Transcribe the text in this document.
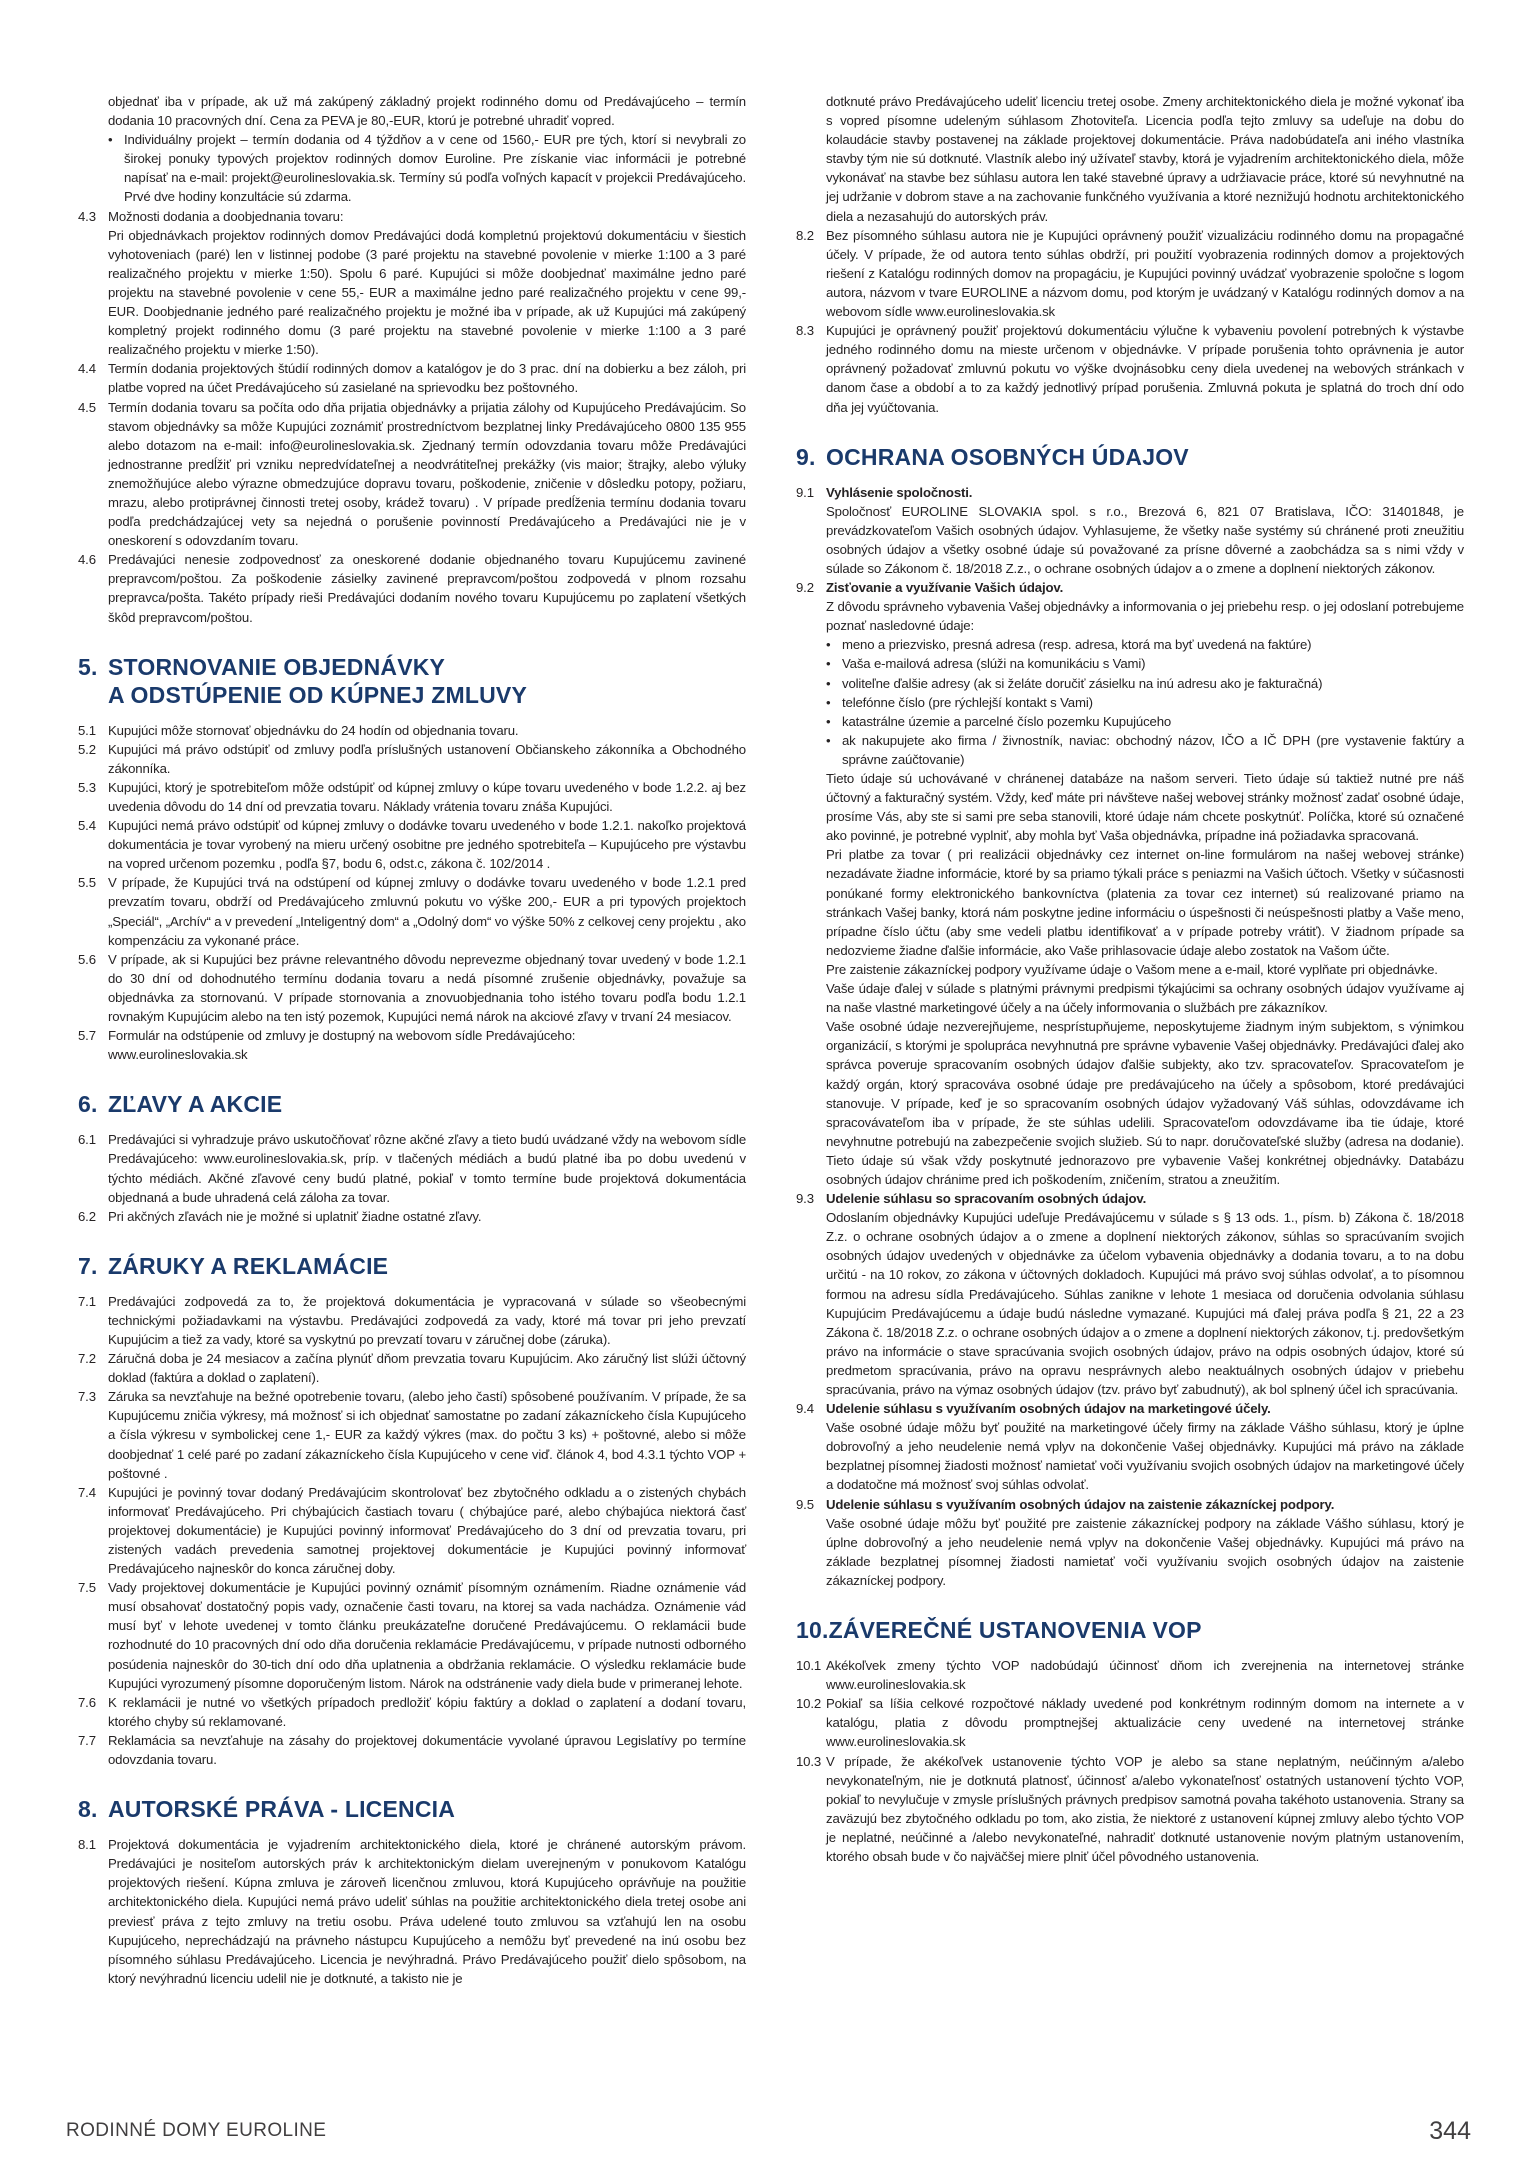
objednať iba v prípade, ak už má zakúpený základný projekt rodinného domu od Predávajúceho – termín dodania 10 pracovných dní. Cena za PEVA je 80,-EUR, ktorú je potrebné uhradiť vopred.
• Individuálny projekt – termín dodania od 4 týždňov a v cene od 1560,- EUR pre tých, ktorí si nevybrali zo širokej ponuky typových projektov rodinných domov Euroline. Pre získanie viac informácii je potrebné napísať na e-mail: projekt@eurolineslovakia.sk. Termíny sú podľa voľných kapacít v projekcii Predávajúceho. Prvé dve hodiny konzultácie sú zdarma.
4.3 Možnosti dodania a doobjednania tovaru:
Pri objednávkach projektov rodinných domov Predávajúci dodá kompletnú projektovú dokumentáciu v šiestich vyhotoveniach (paré) len v listinnej podobe (3 paré projektu na stavebné povolenie v mierke 1:100 a 3 paré realizačného projektu v mierke 1:50). Spolu 6 paré. Kupujúci si môže doobjednať maximálne jedno paré projektu na stavebné povolenie v cene 55,- EUR a maximálne jedno paré realizačného projektu v cene 99,- EUR. Doobjednanie jedného paré realizačného projektu je možné iba v prípade, ak už Kupujúci má zakúpený kompletný projekt rodinného domu (3 paré projektu na stavebné povolenie v mierke 1:100 a 3 paré realizačného projektu v mierke 1:50).
4.4 Termín dodania projektových štúdií rodinných domov a katalógov je do 3 prac. dní na dobierku a bez záloh, pri platbe vopred na účet Predávajúceho sú zasielané na sprievodku bez poštovného.
4.5 Termín dodania tovaru sa počíta odo dňa prijatia objednávky a prijatia zálohy od Kupujúceho Predávajúcim. So stavom objednávky sa môže Kupujúci zoznámiť prostredníctvom bezplatnej linky Predávajúceho 0800 135 955 alebo dotazom na e-mail: info@eurolineslovakia.sk. Zjednaný termín odovzdania tovaru môže Predávajúci jednostranne predĺžiť pri vzniku nepredvídateľnej a neodvrátiteľnej prekážky (vis maior; štrajky, alebo výluky znemožňujúce alebo výrazne obmedzujúce dopravu tovaru, poškodenie, zničenie v dôsledku potopy, požiaru, mrazu, alebo protiprávnej činnosti tretej osoby, krádež tovaru) . V prípade predĺženia termínu dodania tovaru podľa predchádzajúcej vety sa nejedná o porušenie povinností Predávajúceho a Predávajúci nie je v oneskorení s odovzdaním tovaru.
4.6 Predávajúci nenesie zodpovednosť za oneskorené dodanie objednaného tovaru Kupujúcemu zavinené prepravcom/poštou. Za poškodenie zásielky zavinené prepravcom/poštou zodpovedá v plnom rozsahu prepravca/pošta. Takéto prípady rieši Predávajúci dodaním nového tovaru Kupujúcemu po zaplatení všetkých škôd prepravcom/poštou.
5. STORNOVANIE OBJEDNÁVKY
A ODSTÚPENIE OD KÚPNEJ ZMLUVY
5.1 Kupujúci môže stornovať objednávku do 24 hodín od objednania tovaru.
5.2 Kupujúci má právo odstúpiť od zmluvy podľa príslušných ustanovení Občianskeho zákonníka a Obchodného zákonníka.
5.3 Kupujúci, ktorý je spotrebiteľom môže odstúpiť od kúpnej zmluvy o kúpe tovaru uvedeného v bode 1.2.2. aj bez uvedenia dôvodu do 14 dní od prevzatia tovaru. Náklady vrátenia tovaru znáša Kupujúci.
5.4 Kupujúci nemá právo odstúpiť od kúpnej zmluvy o dodávke tovaru uvedeného v bode 1.2.1. nakoľko projektová dokumentácia je tovar vyrobený na mieru určený osobitne pre jedného spotrebiteľa – Kupujúceho pre výstavbu na vopred určenom pozemku , podľa §7, bodu 6, odst.c, zákona č. 102/2014 .
5.5 V prípade, že Kupujúci trvá na odstúpení od kúpnej zmluvy o dodávke tovaru uvedeného v bode 1.2.1 pred prevzatím tovaru, obdrží od Predávajúceho zmluvnú pokutu vo výške 200,- EUR a pri typových projektoch „Speciál“, „Archív“ a v prevedení „Inteligentný dom“ a „Odolný dom“ vo výške 50% z celkovej ceny projektu , ako kompenzáciu za vykonané práce.
5.6 V prípade, ak si Kupujúci bez právne relevantného dôvodu neprevezme objednaný tovar uvedený v bode 1.2.1 do 30 dní od dohodnutého termínu dodania tovaru a nedá písomné zrušenie objednávky, považuje sa objednávka za stornovanú. V prípade stornovania a znovuobjednania toho istého tovaru podľa bodu 1.2.1 rovnakým Kupujúcim alebo na ten istý pozemok, Kupujúci nemá nárok na akciové zľavy v trvaní 24 mesiacov.
5.7 Formulár na odstúpenie od zmluvy je dostupný na webovom sídle Predávajúceho:
www.eurolineslovakia.sk
6. ZĽAVY A AKCIE
6.1 Predávajúci si vyhradzuje právo uskutočňovať rôzne akčné zľavy a tieto budú uvádzané vždy na webovom sídle Predávajúceho: www.eurolineslovakia.sk, príp. v tlačených médiách a budú platné iba po dobu uvedenú v týchto médiách. Akčné zľavové ceny budú platné, pokiaľ v tomto termíne bude projektová dokumentácia objednaná a bude uhradená celá záloha za tovar.
6.2 Pri akčných zľavách nie je možné si uplatniť žiadne ostatné zľavy.
7. ZÁRUKY A REKLAMÁCIE
7.1 Predávajúci zodpovedá za to, že projektová dokumentácia je vypracovaná v súlade so všeobecnými technickými požiadavkami na výstavbu. Predávajúci zodpovedá za vady, ktoré má tovar pri jeho prevzatí Kupujúcim a tiež za vady, ktoré sa vyskytnú po prevzatí tovaru v záručnej dobe (záruka).
7.2 Záručná doba je 24 mesiacov a začína plynúť dňom prevzatia tovaru Kupujúcim. Ako záručný list slúži účtovný doklad (faktúra a doklad o zaplatení).
7.3 Záruka sa nevzťahuje na bežné opotrebenie tovaru, (alebo jeho častí) spôsobené používaním. V prípade, že sa Kupujúcemu zničia výkresy, má možnosť si ich objednať samostatne po zadaní zákazníckeho čísla Kupujúceho a čísla výkresu v symbolickej cene 1,- EUR za každý výkres (max. do počtu 3 ks) + poštovné, alebo si môže doobjednať 1 celé paré po zadaní zákazníckeho čísla Kupujúceho v cene viď. článok 4, bod 4.3.1 týchto VOP + poštovné .
7.4 Kupujúci je povinný tovar dodaný Predávajúcim skontrolovať bez zbytočného odkladu a o zistených chybách informovať Predávajúceho. Pri chýbajúcich častiach tovaru ( chýbajúce paré, alebo chýbajúca niektorá časť projektovej dokumentácie) je Kupujúci povinný informovať Predávajúceho do 3 dní od prevzatia tovaru, pri zistených vadách prevedenia samotnej projektovej dokumentácie je Kupujúci povinný informovať Predávajúceho najneskôr do konca záručnej doby.
7.5 Vady projektovej dokumentácie je Kupujúci povinný oznámiť písomným oznámením. Riadne oznámenie vád musí obsahovať dostatočný popis vady, označenie časti tovaru, na ktorej sa vada nachádza. Oznámenie vád musí byť v lehote uvedenej v tomto článku preukázateľne doručené Predávajúcemu. O reklamácii bude rozhodnuté do 10 pracovných dní odo dňa doručenia reklamácie Predávajúcemu, v prípade nutnosti odborného posúdenia najneskôr do 30-tich dní odo dňa uplatnenia a obdržania reklamácie. O výsledku reklamácie bude Kupujúci vyrozumený písomne doporučeným listom. Nárok na odstránenie vady diela bude v primeranej lehote.
7.6 K reklamácii je nutné vo všetkých prípadoch predložiť kópiu faktúry a doklad o zaplatení a dodaní tovaru, ktorého chyby sú reklamované.
7.7 Reklamácia sa nevzťahuje na zásahy do projektovej dokumentácie vyvolané úpravou Legislatívy po termíne odovzdania tovaru.
8. AUTORSKÉ PRÁVA - LICENCIA
8.1 Projektová dokumentácia je vyjadrením architektonického diela, ktoré je chránené autorským právom. Predávajúci je nositeľom autorských práv k architektonickým dielam uverejneným v ponukovom Katalógu projektových riešení. Kúpna zmluva je zároveň licenčnou zmluvou, ktorá Kupujúceho oprávňuje na použitie architektonického diela. Kupujúci nemá právo udeliť súhlas na použitie architektonického diela tretej osobe ani previesť práva z tejto zmluvy na tretiu osobu. Práva udelené touto zmluvou sa vzťahujú len na osobu Kupujúceho, neprechádzajú na právneho nástupcu Kupujúceho a nemôžu byť prevedené na inú osobu bez písomného súhlasu Predávajúceho. Licencia je nevýhradná. Právo Predávajúceho použiť dielo spôsobom, na ktorý nevýhradnú licenciu udelil nie je dotknuté, a takisto nie je
dotknuté právo Predávajúceho udeliť licenciu tretej osobe. Zmeny architektonického diela je možné vykonať iba s vopred písomne udeleným súhlasom Zhotoviteľa. Licencia podľa tejto zmluvy sa udeľuje na dobu do kolaudácie stavby postavenej na základe projektovej dokumentácie. Práva nadobúdateľa ani iného vlastníka stavby tým nie sú dotknuté. Vlastník alebo iný užívateľ stavby, ktorá je vyjadrením architektonického diela, môže vykonávať na stavbe bez súhlasu autora len také stavebné úpravy a udržiavacie práce, ktoré sú nevyhnutné na jej udržanie v dobrom stave a na zachovanie funkčného využívania a ktoré neznižujú hodnotu architektonického diela a nezasahujú do autorských práv.
8.2 Bez písomného súhlasu autora nie je Kupujúci oprávnený použiť vizualizáciu rodinného domu na propagačné účely. V prípade, že od autora tento súhlas obdrží, pri použití vyobrazenia rodinných domov a projektových riešení z Katalógu rodinných domov na propagáciu, je Kupujúci povinný uvádzať vyobrazenie spoločne s logom autora, názvom v tvare EUROLINE a názvom domu, pod ktorým je uvádzaný v Katalógu rodinných domov a na webovom sídle www.eurolineslovakia.sk
8.3 Kupujúci je oprávnený použiť projektovú dokumentáciu výlučne k vybaveniu povolení potrebných k výstavbe jedného rodinného domu na mieste určenom v objednávke. V prípade porušenia tohto oprávnenia je autor oprávnený požadovať zmluvnú pokutu vo výške dvojnásobku ceny diela uvedenej na webových stránkach v danom čase a období a to za každý jednotlivý prípad porušenia. Zmluvná pokuta je splatná do troch dní odo dňa jej vyúčtovania.
9. OCHRANA OSOBNÝCH ÚDAJOV
9.1 Vyhlásenie spoločnosti.
Spoločnosť EUROLINE SLOVAKIA spol. s r.o., Brezová 6, 821 07 Bratislava, IČO: 31401848, je prevádzkovateľom Vašich osobných údajov. Vyhlasujeme, že všetky naše systémy sú chránené proti zneužitiu osobných údajov a všetky osobné údaje sú považované za prísne dôverné a zaobchádza sa s nimi vždy v súlade so Zákonom č. 18/2018 Z.z., o ochrane osobných údajov a o zmene a doplnení niektorých zákonov.
9.2 Zisťovanie a využívanie Vašich údajov.
Z dôvodu správneho vybavenia Vašej objednávky a informovania o jej priebehu resp. o jej odoslaní potrebujeme poznať nasledovné údaje:
• meno a priezvisko, presná adresa (resp. adresa, ktorá ma byť uvedená na faktúre)
• Vaša e-mailová adresa (slúži na komunikáciu s Vami)
• voliteľne ďalšie adresy (ak si želáte doručiť zásielku na inú adresu ako je fakturačná)
• telefónne číslo (pre rýchlejší kontakt s Vami)
• katastrálne územie a parcelné číslo pozemku Kupujúceho
• ak nakupujete ako firma / živnostník, naviac: obchodný názov, IČO a IČ DPH (pre vystavenie faktúry a správne zaúčtovanie)
Tieto údaje sú uchovávané v chránenej databáze na našom serveri. Tieto údaje sú taktiež nutné pre náš účtovný a fakturačný systém. Vždy, keď máte pri návšteve našej webovej stránky možnosť zadať osobné údaje, prosíme Vás, aby ste si sami pre seba stanovili, ktoré údaje nám chcete poskytnúť. Políčka, ktoré sú označené ako povinné, je potrebné vyplniť, aby mohla byť Vaša objednávka, prípadne iná požiadavka spracovaná.
Pri platbe za tovar ( pri realizácii objednávky cez internet on-line formulárom na našej webovej stránke) nezadávate žiadne informácie, ktoré by sa priamo týkali práce s peniazmi na Vašich účtoch. Všetky v súčasnosti ponúkané formy elektronického bankovníctva (platenia za tovar cez internet) sú realizované priamo na stránkach Vašej banky, ktorá nám poskytne jedine informáciu o úspešnosti či neúspešnosti platby a Vaše meno, prípadne číslo účtu (aby sme vedeli platbu identifikovať a v prípade potreby vrátiť). V žiadnom prípade sa nedozvieme žiadne ďalšie informácie, ako Vaše prihlasovacie údaje alebo zostatok na Vašom účte.
Pre zaistenie zákazníckej podpory využívame údaje o Vašom mene a e-mail, ktoré vyplňate pri objednávke.
Vaše údaje ďalej v súlade s platnými právnymi predpismi týkajúcimi sa ochrany osobných údajov využívame aj na naše vlastné marketingové účely a na účely informovania o službách pre zákazníkov.
Vaše osobné údaje nezverejňujeme, nesprístupňujeme, neposkytujeme žiadnym iným subjektom, s výnimkou organizácií, s ktorými je spolupráca nevyhnutná pre správne vybavenie Vašej objednávky. Predávajúci ďalej ako správca poveruje spracovaním osobných údajov ďalšie subjekty, ako tzv. spracovateľov. Spracovateľom je každý orgán, ktorý spracováva osobné údaje pre predávajúceho na účely a spôsobom, ktoré predávajúci stanovuje. V prípade, keď je so spracovaním osobných údajov vyžadovaný Váš súhlas, odovzdávame ich spracovávateľom iba v prípade, že ste súhlas udelili. Spracovateľom odovzdávame iba tie údaje, ktoré nevyhnutne potrebujú na zabezpečenie svojich služieb. Sú to napr. doručovateľské služby (adresa na dodanie). Tieto údaje sú však vždy poskytnuté jednorazovo pre vybavenie Vašej konkrétnej objednávky. Databázu osobných údajov chránime pred ich poškodením, zničením, stratou a zneužitím.
9.3 Udelenie súhlasu so spracovaním osobných údajov.
Odoslaním objednávky Kupujúci udeľuje Predávajúcemu v súlade s § 13 ods. 1., písm. b) Zákona č. 18/2018 Z.z. o ochrane osobných údajov a o zmene a doplnení niektorých zákonov, súhlas so spracúvaním svojich osobných údajov uvedených v objednávke za účelom vybavenia objednávky a dodania tovaru, a to na dobu určitú - na 10 rokov, zo zákona v účtovných dokladoch. Kupujúci má právo svoj súhlas odvolať, a to písomnou formou na adresu sídla Predávajúceho. Súhlas zanikne v lehote 1 mesiaca od doručenia odvolania súhlasu Kupujúcim Predávajúcemu a údaje budú následne vymazané. Kupujúci má ďalej práva podľa § 21, 22 a 23 Zákona č. 18/2018 Z.z. o ochrane osobných údajov a o zmene a doplnení niektorých zákonov, t.j. predovšetkým právo na informácie o stave spracúvania svojich osobných údajov, právo na odpis osobných údajov, ktoré sú predmetom spracúvania, právo na opravu nesprávnych alebo neaktuálnych osobných údajov v priebehu spracúvania, právo na výmaz osobných údajov (tzv. právo byť zabudnutý), ak bol splnený účel ich spracúvania.
9.4 Udelenie súhlasu s využívaním osobných údajov na marketingové účely.
Vaše osobné údaje môžu byť použité na marketingové účely firmy na základe Vášho súhlasu, ktorý je úplne dobrovoľný a jeho neudelenie nemá vplyv na dokončenie Vašej objednávky. Kupujúci má právo na základe bezplatnej písomnej žiadosti možnosť namietať voči využívaniu svojich osobných údajov na marketingové účely a dodatočne má možnosť svoj súhlas odvolať.
9.5 Udelenie súhlasu s využívaním osobných údajov na zaistenie zákazníckej podpory.
Vaše osobné údaje môžu byť použité pre zaistenie zákazníckej podpory na základe Vášho súhlasu, ktorý je úplne dobrovoľný a jeho neudelenie nemá vplyv na dokončenie Vašej objednávky. Kupujúci má právo na základe bezplatnej písomnej žiadosti namietať voči využívaniu svojich osobných údajov na zaistenie zákazníckej podpory.
10. ZÁVEREČNÉ USTANOVENIA VOP
10.1 Akékoľvek zmeny týchto VOP nadobúdajú účinnosť dňom ich zverejnenia na internetovej stránke www.eurolineslovakia.sk
10.2 Pokiaľ sa líšia celkové rozpočtové náklady uvedené pod konkrétnym rodinným domom na internete a v katalógu, platia z dôvodu promptnejšej aktualizácie ceny uvedené na internetovej stránke www.eurolineslovakia.sk
10.3 V prípade, že akékoľvek ustanovenie týchto VOP je alebo sa stane neplatným, neúčinným a/alebo nevykonateľným, nie je dotknutá platnosť, účinnosť a/alebo vykonateľnosť ostatných ustanovení týchto VOP, pokiaľ to nevylučuje v zmysle príslušných právnych predpisov samotná povaha takéhoto ustanovenia. Strany sa zaväzujú bez zbytočného odkladu po tom, ako zistia, že niektoré z ustanovení kúpnej zmluvy alebo týchto VOP je neplatné, neúčinné a /alebo nevykonateľné, nahradiť dotknuté ustanovenie novým platným ustanovením, ktorého obsah bude v čo najväčšej miere plniť účel pôvodného ustanovenia.
RODINNÉ DOMY EUROLINE	344
